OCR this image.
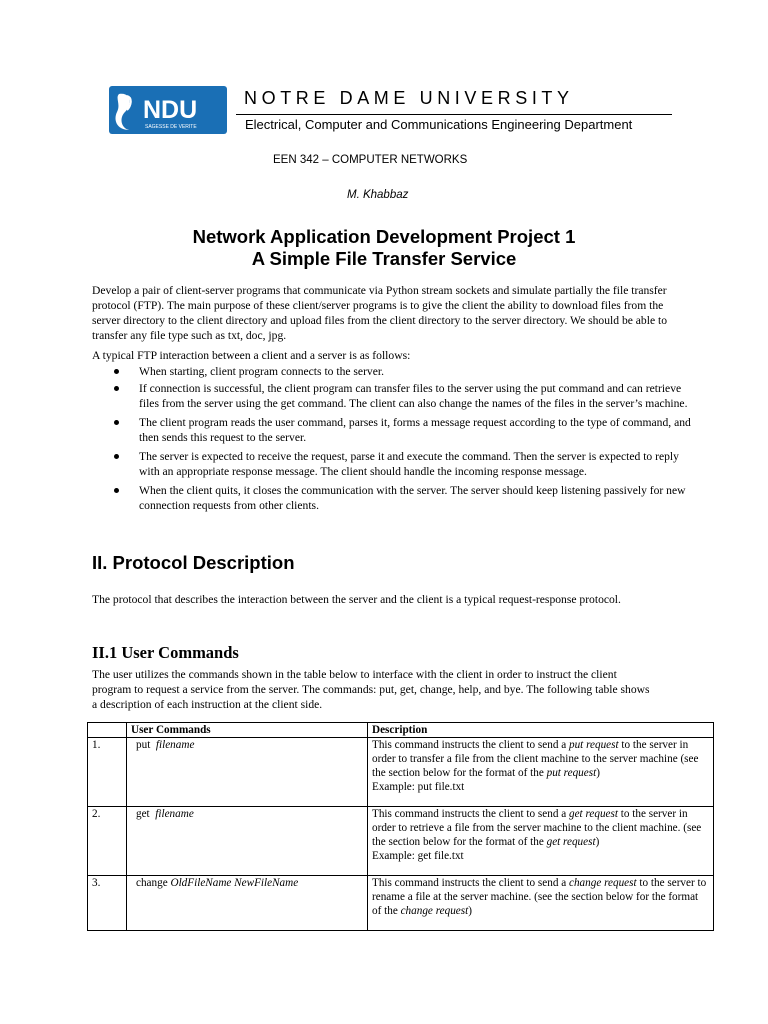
NDU
SAGESSE DE VERITE
NOTRE DAME UNIVERSITY
Electrical, Computer and Communications Engineering Department
EEN 342 – COMPUTER NETWORKS
M. Khabbaz
Network Application Development Project 1
A Simple File Transfer Service
Develop a pair of client-server programs that communicate via Python stream sockets and simulate partially the file transfer protocol (FTP). The main purpose of these client/server programs is to give the client the ability to download files from the server directory to the client directory and upload files from the client directory to the server directory. We should be able to transfer any file type such as txt, doc, jpg.
A typical FTP interaction between a client and a server is as follows:
When starting, client program connects to the server.
If connection is successful, the client program can transfer files to the server using the put command and can retrieve files from the server using the get command. The client can also change the names of the files in the server’s machine.
The client program reads the user command, parses it, forms a message request according to the type of command, and then sends this request to the server.
The server is expected to receive the request, parse it and execute the command. Then the server is expected to reply with an appropriate response message. The client should handle the incoming response message.
When the client quits, it closes the communication with the server. The server should keep listening passively for new connection requests from other clients.
II. Protocol Description
The protocol that describes the interaction between the server and the client is a typical request-response protocol.
II.1 User Commands
The user utilizes the commands shown in the table below to interface with the client in order to instruct the client program to request a service from the server. The commands: put, get, change, help, and bye. The following table shows a description of each instruction at the client side.
	User Commands	Description
1.	put filename	This command instructs the client to send a put request to the server in order to transfer a file from the client machine to the server machine (see the section below for the format of the put request)
Example: put file.txt
2.	get filename	This command instructs the client to send a get request to the server in order to retrieve a file from the server machine to the client machine. (see the section below for the format of the get request)
Example: get file.txt
3.	change OldFileName NewFileName	This command instructs the client to send a change request to the server to rename a file at the server machine. (see the section below for the format of the change request)
